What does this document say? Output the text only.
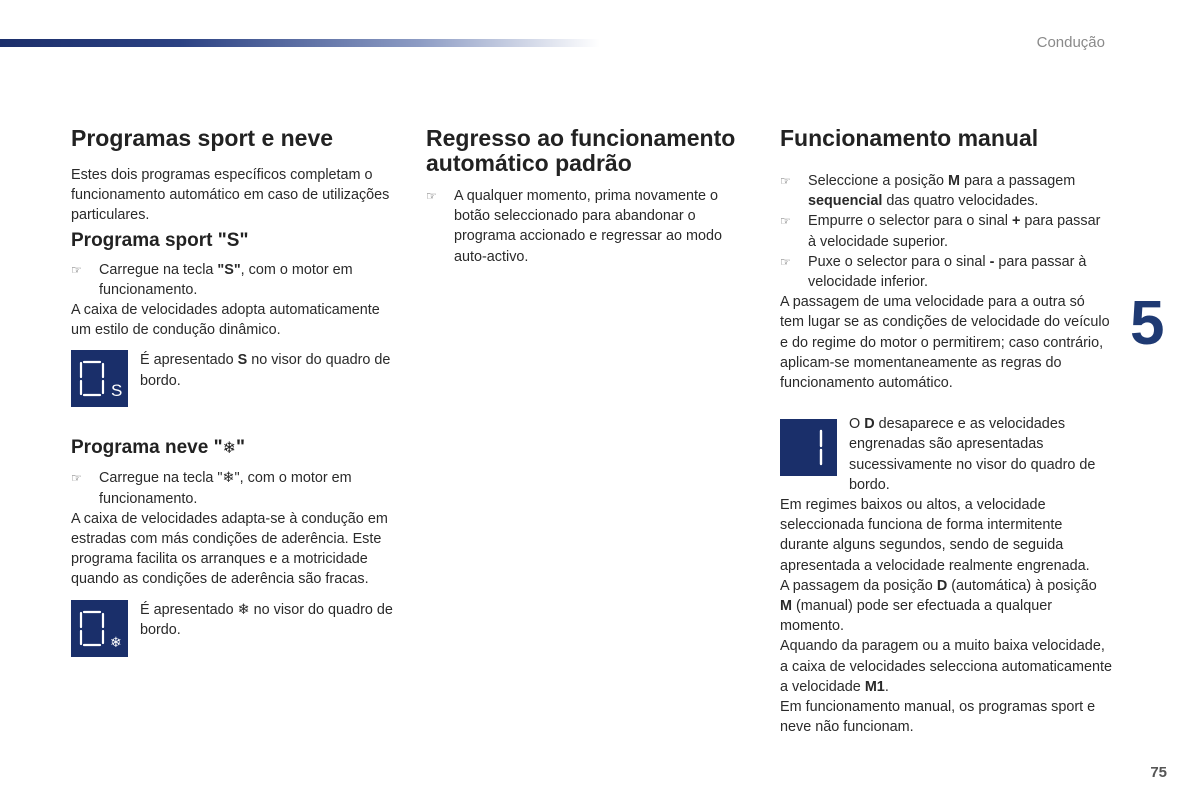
Condução
5
75
Programas sport e neve

Estes dois programas específicos completam o funcionamento automático em caso de utilizações particulares.

Programa sport "S"
☞ Carregue na tecla "S", com o motor em funcionamento.

A caixa de velocidades adopta automaticamente um estilo de condução dinâmico.

S
É apresentado S no visor do quadro de bordo.
Programa neve "❄"
☞ Carregue na tecla "❄", com o motor em funcionamento.

A caixa de velocidades adapta-se à condução em estradas com más condições de aderência. Este programa facilita os arranques e a motricidade quando as condições de aderência são fracas.

❄
É apresentado ❄ no visor do quadro de bordo.
Regresso ao funcionamento
automático padrão
☞ A qualquer momento, prima novamente o botão seleccionado para abandonar o programa accionado e regressar ao modo auto-activo.
Funcionamento manual
☞ Seleccione a posição M para a passagem sequencial das quatro velocidades.
☞ Empurre o selector para o sinal + para passar à velocidade superior.
☞ Puxe o selector para o sinal - para passar à velocidade inferior.

A passagem de uma velocidade para a outra só tem lugar se as condições de velocidade do veículo e do regime do motor o permitirem; caso contrário, aplicam-se momentaneamente as regras do funcionamento automático.

O D desaparece e as velocidades engrenadas são apresentadas sucessivamente no visor do quadro de bordo.

Em regimes baixos ou altos, a velocidade seleccionada funciona de forma intermitente durante alguns segundos, sendo de seguida apresentada a velocidade realmente engrenada.

A passagem da posição D (automática) à posição M (manual) pode ser efectuada a qualquer momento.

Aquando da paragem ou a muito baixa velocidade, a caixa de velocidades selecciona automaticamente a velocidade M1.

Em funcionamento manual, os programas sport e neve não funcionam.
